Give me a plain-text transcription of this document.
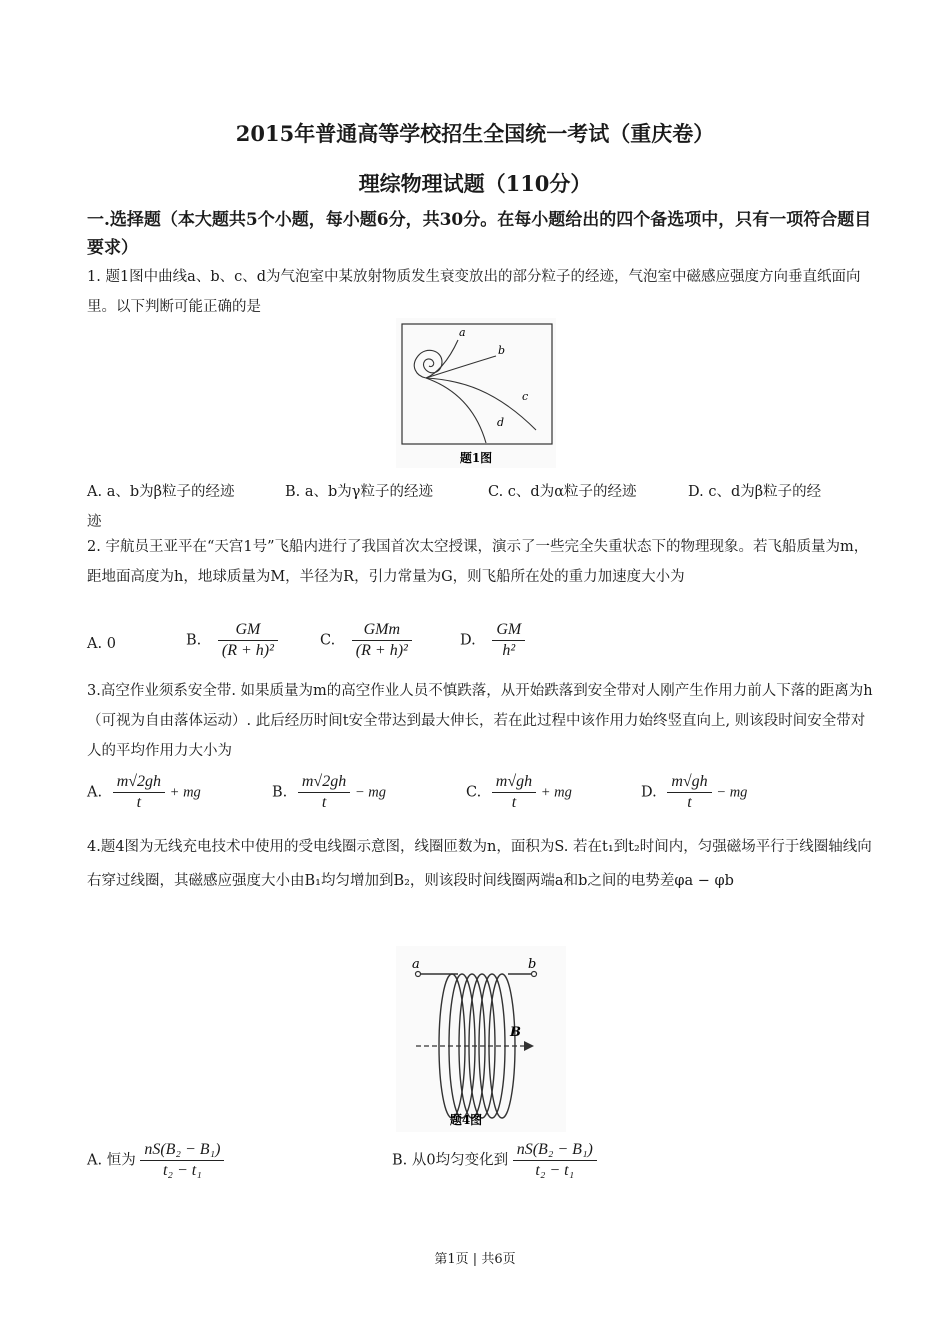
2015年普通高等学校招生全国统一考试（重庆卷）
理综物理试题（110分）
一.选择题（本大题共5个小题，每小题6分，共30分。在每小题给出的四个备选项中，只有一项符合题目要求）
1. 题1图中曲线a、b、c、d为气泡室中某放射物质发生衰变放出的部分粒子的经迹，气泡室中磁感应强度方向垂直纸面向里。以下判断可能正确的是
a
b
c
d
题1图
A. a、b为β粒子的经迹	B. a、b为γ粒子的经迹	C. c、d为α粒子的经迹	D. c、d为β粒子的经
迹
2. 宇航员王亚平在“天宫1号”飞船内进行了我国首次太空授课，演示了一些完全失重状态下的物理现象。若飞船质量为m，距地面高度为h，地球质量为M，半径为R，引力常量为G，则飞船所在处的重力加速度大小为
A. 0	B. $\frac{GM}{\text{(R + h)²}}$	C. $\frac{\text{GMm}}{\text{(R + h)²}}$	D. $\frac{GM}{\text{h²}}$
3.高空作业须系安全带. 如果质量为m的高空作业人员不慎跌落，从开始跌落到安全带对人刚产生作用力前人下落的距离为h（可视为自由落体运动）. 此后经历时间t安全带达到最大伸长，若在此过程中该作用力始终竖直向上, 则该段时间安全带对人的平均作用力大小为
A. $\frac{m√2gh}{t}$ + mg	B. $\frac{m√2gh}{t}$ − mg	C. $\frac{m√gh}{t}$ + mg	D. $\frac{m√gh}{t}$ − mg
4.题4图为无线充电技术中使用的受电线圈示意图，线圈匝数为n，面积为S. 若在t₁到t₂时间内，匀强磁场平行于线圈轴线向右穿过线圈，其磁感应强度大小由B₁均匀增加到B₂，则该段时间线圈两端a和b之间的电势差φa − φb
a	b
B
题4图
A. 恒为 $\frac{\text{nS(B₂ − B₁)}}{\text{t₂ − t₁}}$	B. 从0均匀变化到 $\frac{\text{nS(B₂ − B₁)}}{\text{t₂ − t₁}}$
第1页 | 共6页
